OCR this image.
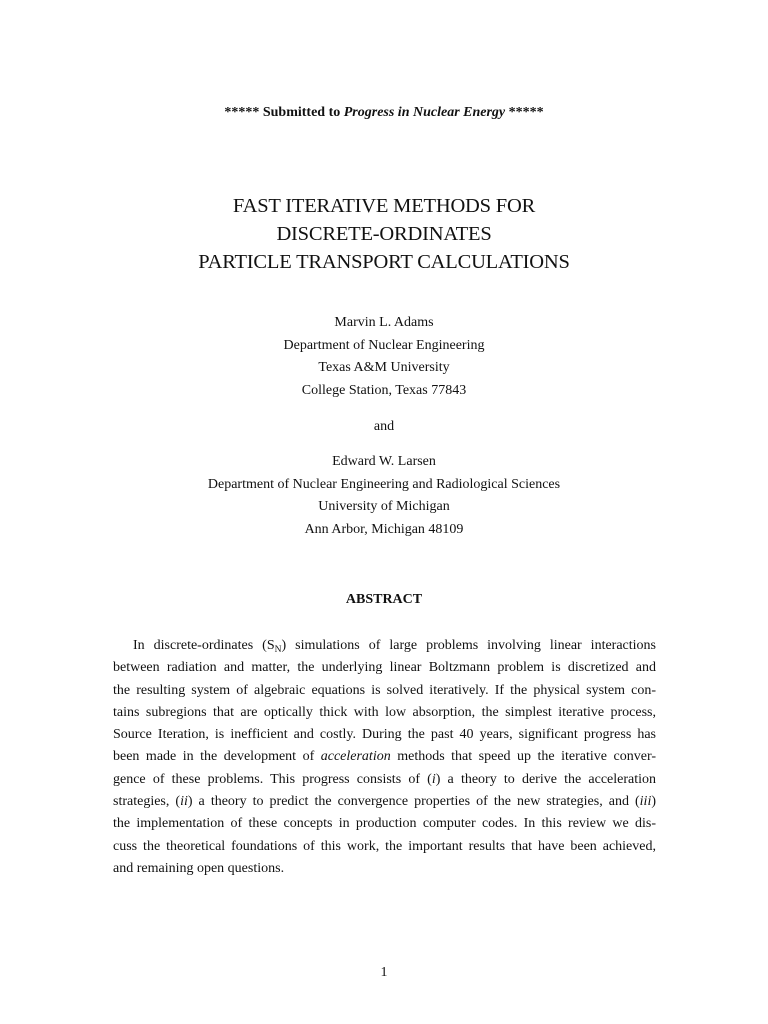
***** Submitted to Progress in Nuclear Energy *****
FAST ITERATIVE METHODS FOR
DISCRETE-ORDINATES
PARTICLE TRANSPORT CALCULATIONS
Marvin L. Adams
Department of Nuclear Engineering
Texas A&M University
College Station, Texas 77843
and
Edward W. Larsen
Department of Nuclear Engineering and Radiological Sciences
University of Michigan
Ann Arbor, Michigan 48109
ABSTRACT
In discrete-ordinates $(S_N)$ simulations of large problems involving linear interactions
between radiation and matter, the underlying linear Boltzmann problem is discretized and
the resulting system of algebraic equations is solved iteratively. If the physical system con-
tains subregions that are optically thick with low absorption, the simplest iterative process,
Source Iteration, is inefficient and costly. During the past 40 years, significant progress has
been made in the development of acceleration methods that speed up the iterative conver-
gence of these problems. This progress consists of (i) a theory to derive the acceleration
strategies, (ii) a theory to predict the convergence properties of the new strategies, and (iii)
the implementation of these concepts in production computer codes. In this review we dis-
cuss the theoretical foundations of this work, the important results that have been achieved,
and remaining open questions.
1
